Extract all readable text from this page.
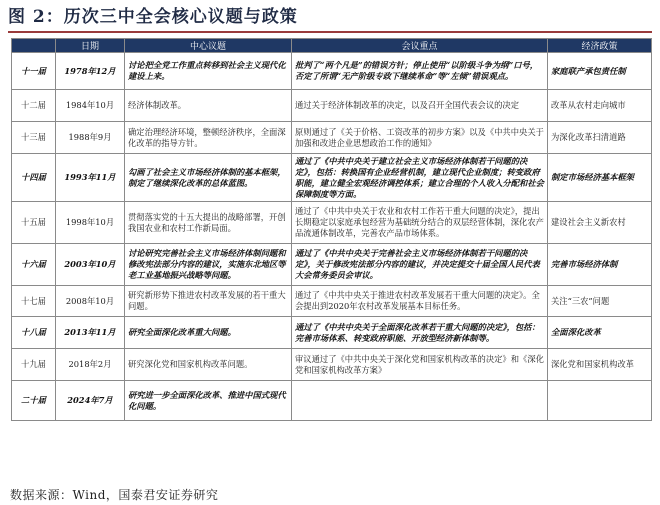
图 2：历次三中全会核心议题与政策
	日期	中心议题	会议重点	经济政策
十一届	1978年12月	讨论把全党工作重点转移到社会主义现代化建设上来。	批判了“两个凡是”的错误方针；停止使用“以阶级斗争为纲”口号，否定了所谓“无产阶级专政下继续革命”等“左倾”错误观点。	家庭联产承包责任制
十二届	1984年10月	经济体制改革。	通过关于经济体制改革的决定，以及召开全国代表会议的决定	改革从农村走向城市
十三届	1988年9月	确定治理经济环境，整顿经济秩序，全面深化改革的指导方针。	原则通过了《关于价格、工资改革的初步方案》以及《中共中央关于加强和改进企业思想政治工作的通知》	为深化改革扫清道路
十四届	1993年11月	勾画了社会主义市场经济体制的基本框架，制定了继续深化改革的总体蓝图。	通过了《中共中央关于建立社会主义市场经济体制若干问题的决定》，包括：转换国有企业经营机制，建立现代企业制度；转变政府职能，建立健全宏观经济调控体系；建立合理的个人收入分配和社会保障制度等方面。	制定市场经济基本框架
十五届	1998年10月	贯彻落实党的十五大提出的战略部署，开创我国农业和农村工作新局面。	通过了《中共中央关于农业和农村工作若干重大问题的决定》，提出长期稳定以家庭承包经营为基础统分结合的双层经营体制，深化农产品流通体制改革，完善农产品市场体系。	建设社会主义新农村
十六届	2003年10月	讨论研究完善社会主义市场经济体制问题和修改宪法部分内容的建议，实施东北地区等老工业基地振兴战略等问题。	通过了《中共中央关于完善社会主义市场经济体制若干问题的决定》，关于修改宪法部分内容的建议，并决定提交十届全国人民代表大会常务委员会审议。	完善市场经济体制
十七届	2008年10月	研究新形势下推进农村改革发展的若干重大问题。	通过了《中共中央关于推进农村改革发展若干重大问题的决定》。全会提出到2020年农村改革发展基本目标任务。	关注“三农”问题
十八届	2013年11月	研究全面深化改革重大问题。	通过了《中共中央关于全面深化改革若干重大问题的决定》，包括：完善市场体系、转变政府职能、开放型经济新体制等。	全面深化改革
十九届	2018年2月	研究深化党和国家机构改革问题。	审议通过了《中共中央关于深化党和国家机构改革的决定》和《深化党和国家机构改革方案》	深化党和国家机构改革
二十届	2024年7月	研究进一步全面深化改革、推进中国式现代化问题。		
数据来源：Wind，国泰君安证券研究
